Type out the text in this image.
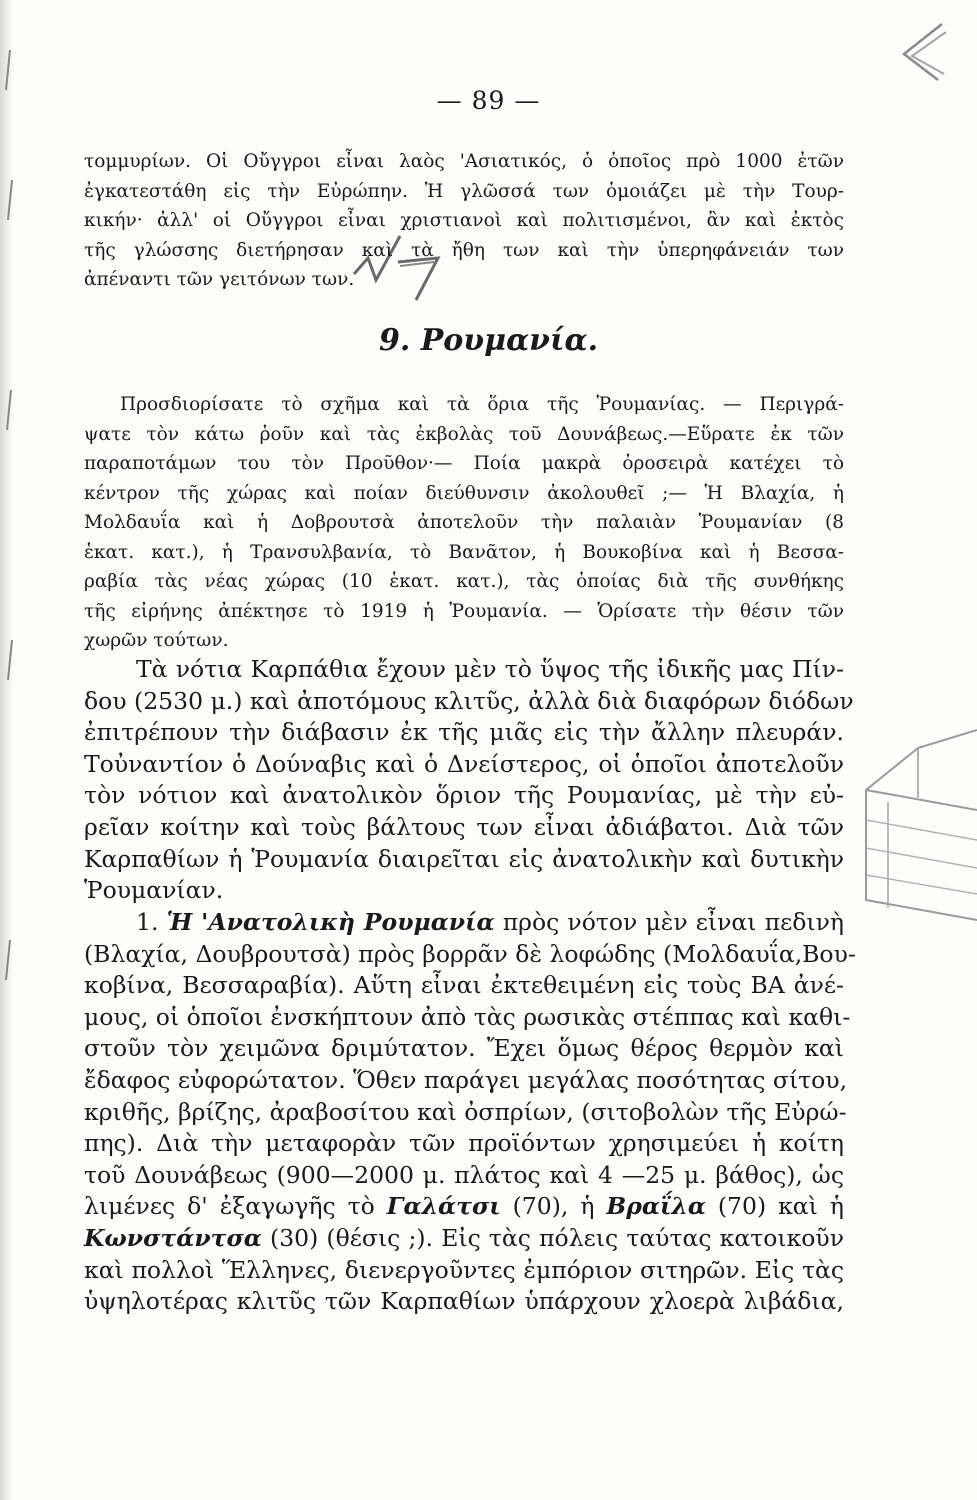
— 89 —
τομμυρίων. Οἱ Οὔγγροι εἶναι λαὸς 'Ασιατικός, ὁ ὁποῖος πρὸ 1000 ἐτῶν
ἐγκατεστάθη εἰς τὴν Εὐρώπην. Ἡ γλῶσσά των ὁμοιάζει μὲ τὴν Τουρ-
κικήν· ἀλλ' οἱ Οὔγγροι εἶναι χριστιανοὶ καὶ πολιτισμένοι, ἂν καὶ ἐκτὸς
τῆς γλώσσης διετήρησαν καὶ τὰ ἤθη των καὶ τὴν ὑπερηφάνειάν των
ἀπέναντι τῶν γειτόνων των.
9. Ρουμανία.
Προσδιορίσατε τὸ σχῆμα καὶ τὰ ὅρια τῆς Ῥουμανίας. — Περιγρά-
ψατε τὸν κάτω ῥοῦν καὶ τὰς ἐκβολὰς τοῦ Δουνάβεως.—Εὕρατε ἐκ τῶν
παραποτάμων του τὸν Προῦθον·— Ποία μακρὰ ὀροσειρὰ κατέχει τὸ
κέντρον τῆς χώρας καὶ ποίαν διεύθυνσιν ἀκολουθεῖ ;— Ἡ Βλαχία, ἡ
Μολδαυΐα καὶ ἡ Δοβρουτσὰ ἀποτελοῦν τὴν παλαιὰν Ῥουμανίαν (8
ἑκατ. κατ.), ἡ Τρανσυλβανία, τὸ Βανᾶτον, ἡ Βουκοβίνα καὶ ἡ Βεσσα-
ραβία τὰς νέας χώρας (10 ἑκατ. κατ.), τὰς ὁποίας διὰ τῆς συνθήκης
τῆς εἰρήνης ἀπέκτησε τὸ 1919 ἡ Ῥουμανία. — Ὁρίσατε τὴν θέσιν τῶν
χωρῶν τούτων.
Τὰ νότια Καρπάθια ἔχουν μὲν τὸ ὕψος τῆς ἰδικῆς μας Πίν-
δου (2530 μ.) καὶ ἀποτόμους κλιτῦς, ἀλλὰ διὰ διαφόρων διόδων
ἐπιτρέπουν τὴν διάβασιν ἐκ τῆς μιᾶς εἰς τὴν ἄλλην πλευράν.
Τοὐναντίον ὁ Δούναβις καὶ ὁ Δνείστερος, οἱ ὁποῖοι ἀποτελοῦν
τὸν νότιον καὶ ἀνατολικὸν ὅριον τῆς Ρουμανίας, μὲ τὴν εὐ-
ρεῖαν κοίτην καὶ τοὺς βάλτους των εἶναι ἀδιάβατοι. Διὰ τῶν
Καρπαθίων ἡ Ῥουμανία διαιρεῖται εἰς ἀνατολικὴν καὶ δυτικὴν
Ῥουμανίαν.
1. Ἡ 'Ανατολικὴ Ρουμανία πρὸς νότον μὲν εἶναι πεδινὴ
(Βλαχία, Δουβρουτσὰ) πρὸς βορρᾶν δὲ λοφώδης (Μολδαυΐα,Βου-
κοβίνα, Βεσσαραβία). Αὕτη εἶναι ἐκτεθειμένη εἰς τοὺς ΒΑ ἀνέ-
μους, οἱ ὁποῖοι ἐνσκήπτουν ἀπὸ τὰς ρωσικὰς στέππας καὶ καθι-
στοῦν τὸν χειμῶνα δριμύτατον. Ἔχει ὅμως θέρος θερμὸν καὶ
ἔδαφος εὐφορώτατον. Ὅθεν παράγει μεγάλας ποσότητας σίτου,
κριθῆς, βρίζης, ἀραβοσίτου καὶ ὀσπρίων, (σιτοβολὼν τῆς Εὐρώ-
πης). Διὰ τὴν μεταφορὰν τῶν προϊόντων χρησιμεύει ἡ κοίτη
τοῦ Δουνάβεως (900—2000 μ. πλάτος καὶ 4 —25 μ. βάθος), ὡς
λιμένες δ' ἐξαγωγῆς τὸ Γαλάτσι (70), ἡ Βραΐλα (70) καὶ ἡ
Κωνστάντσα (30) (θέσις ;). Εἰς τὰς πόλεις ταύτας κατοικοῦν
καὶ πολλοὶ Ἕλληνες, διενεργοῦντες ἐμπόριον σιτηρῶν. Εἰς τὰς
ὑψηλοτέρας κλιτῦς τῶν Καρπαθίων ὑπάρχουν χλοερὰ λιβάδια,
